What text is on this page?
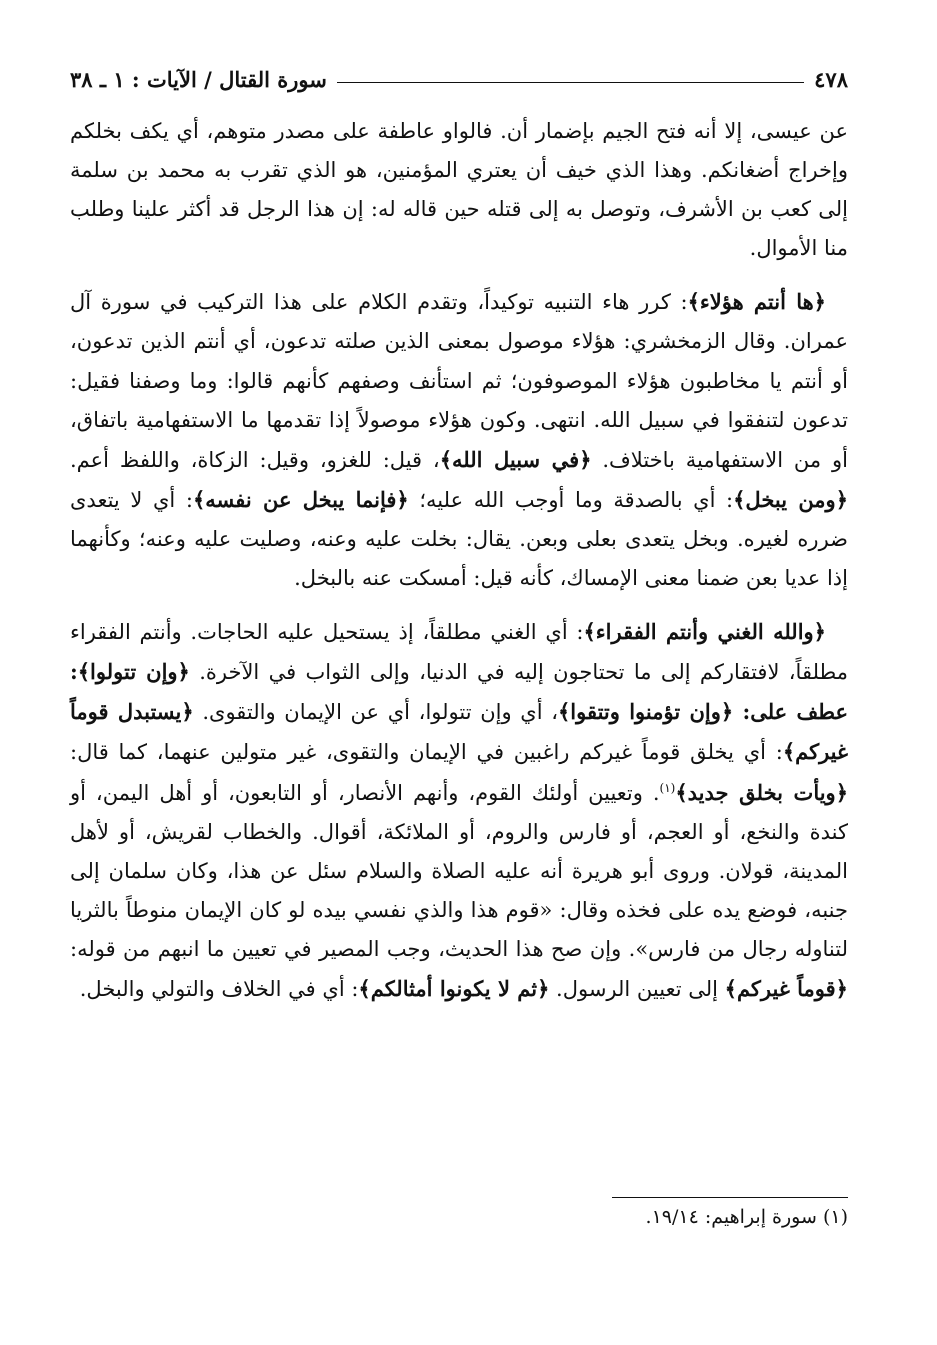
٤٧٨
سورة القتال / الآيات : ١ ـ ٣٨

عن عيسى، إلا أنه فتح الجيم بإضمار أن. فالواو عاطفة على مصدر متوهم، أي يكف بخلكم وإخراج أضغانكم. وهذا الذي خيف أن يعتري المؤمنين، هو الذي تقرب به محمد بن سلمة إلى كعب بن الأشرف، وتوصل به إلى قتله حين قاله له: إن هذا الرجل قد أكثر علينا وطلب منا الأموال.

﴿ها أنتم هؤلاء﴾: كرر هاء التنبيه توكيداً، وتقدم الكلام على هذا التركيب في سورة آل عمران. وقال الزمخشري: هؤلاء موصول بمعنى الذين صلته تدعون، أي أنتم الذين تدعون، أو أنتم يا مخاطبون هؤلاء الموصوفون؛ ثم استأنف وصفهم كأنهم قالوا: وما وصفنا فقيل: تدعون لتنفقوا في سبيل الله. انتهى. وكون هؤلاء موصولاً إذا تقدمها ما الاستفهامية باتفاق، أو من الاستفهامية باختلاف. ﴿في سبيل الله﴾، قيل: للغزو، وقيل: الزكاة، واللفظ أعم. ﴿ومن يبخل﴾: أي بالصدقة وما أوجب الله عليه؛ ﴿فإنما يبخل عن نفسه﴾: أي لا يتعدى ضرره لغيره. وبخل يتعدى بعلى وبعن. يقال: بخلت عليه وعنه، وصليت عليه وعنه؛ وكأنهما إذا عديا بعن ضمنا معنى الإمساك، كأنه قيل: أمسكت عنه بالبخل.

﴿والله الغني وأنتم الفقراء﴾: أي الغني مطلقاً، إذ يستحيل عليه الحاجات. وأنتم الفقراء مطلقاً، لافتقاركم إلى ما تحتاجون إليه في الدنيا، وإلى الثواب في الآخرة. ﴿وإن تتولوا﴾: عطف على: ﴿وإن تؤمنوا وتتقوا﴾، أي وإن تتولوا، أي عن الإيمان والتقوى. ﴿يستبدل قوماً غيركم﴾: أي يخلق قوماً غيركم راغبين في الإيمان والتقوى، غير متولين عنهما، كما قال: ﴿ويأت بخلق جديد﴾$^{(١)}$. وتعيين أولئك القوم، وأنهم الأنصار، أو التابعون، أو أهل اليمن، أو كندة والنخع، أو العجم، أو فارس والروم، أو الملائكة، أقوال. والخطاب لقريش، أو لأهل المدينة، قولان. وروى أبو هريرة أنه عليه الصلاة والسلام سئل عن هذا، وكان سلمان إلى جنبه، فوضع يده على فخذه وقال: «قوم هذا والذي نفسي بيده لو كان الإيمان منوطاً بالثريا لتناوله رجال من فارس». وإن صح هذا الحديث، وجب المصير في تعيين ما انبهم من قوله: ﴿قوماً غيركم﴾ إلى تعيين الرسول. ﴿ثم لا يكونوا أمثالكم﴾: أي في الخلاف والتولي والبخل.

(١) سورة إبراهيم: ١٩/١٤.
